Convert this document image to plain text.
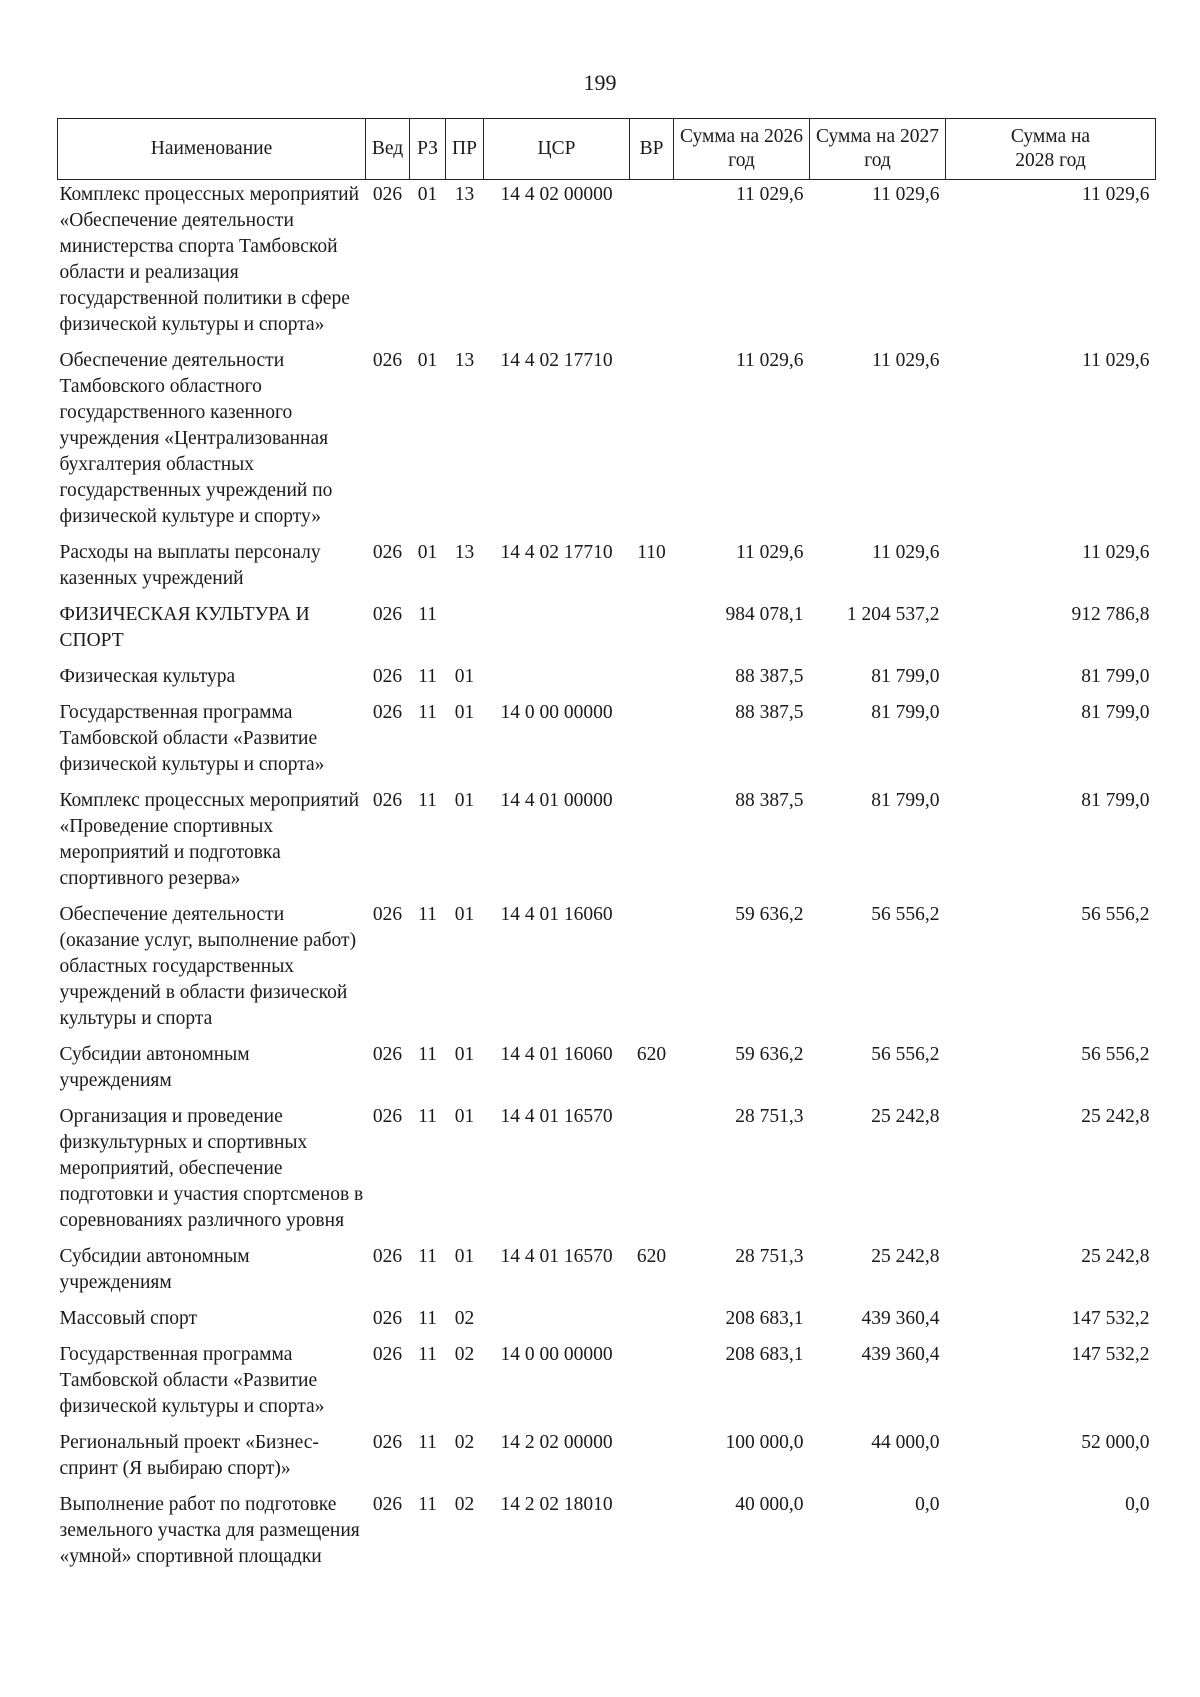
199
Наименование	Вед	РЗ	ПР	ЦСР	ВР	Сумма на 2026 год	Сумма на 2027 год	Сумма на 2028 год
Комплекс процессных мероприятий «Обеспечение деятельности министерства спорта Тамбовской области и реализация государственной политики в сфере физической культуры и спорта»	026	01	13	14 4 02 00000		11 029,6	11 029,6	11 029,6
Обеспечение деятельности Тамбовского областного государственного казенного учреждения «Централизованная бухгалтерия областных государственных учреждений по физической культуре и спорту»	026	01	13	14 4 02 17710		11 029,6	11 029,6	11 029,6
Расходы на выплаты персоналу казенных учреждений	026	01	13	14 4 02 17710	110	11 029,6	11 029,6	11 029,6
ФИЗИЧЕСКАЯ КУЛЬТУРА И СПОРТ	026	11				984 078,1	1 204 537,2	912 786,8
Физическая культура	026	11	01			88 387,5	81 799,0	81 799,0
Государственная программа Тамбовской области «Развитие физической культуры и спорта»	026	11	01	14 0 00 00000		88 387,5	81 799,0	81 799,0
Комплекс процессных мероприятий «Проведение спортивных мероприятий и подготовка спортивного резерва»	026	11	01	14 4 01 00000		88 387,5	81 799,0	81 799,0
Обеспечение деятельности (оказание услуг, выполнение работ) областных государственных учреждений в области физической культуры и спорта	026	11	01	14 4 01 16060		59 636,2	56 556,2	56 556,2
Субсидии автономным учреждениям	026	11	01	14 4 01 16060	620	59 636,2	56 556,2	56 556,2
Организация и проведение физкультурных и спортивных мероприятий, обеспечение подготовки и участия спортсменов в соревнованиях различного уровня	026	11	01	14 4 01 16570		28 751,3	25 242,8	25 242,8
Субсидии автономным учреждениям	026	11	01	14 4 01 16570	620	28 751,3	25 242,8	25 242,8
Массовый спорт	026	11	02			208 683,1	439 360,4	147 532,2
Государственная программа Тамбовской области «Развитие физической культуры и спорта»	026	11	02	14 0 00 00000		208 683,1	439 360,4	147 532,2
Региональный проект «Бизнес-спринт (Я выбираю спорт)»	026	11	02	14 2 02 00000		100 000,0	44 000,0	52 000,0
Выполнение работ по подготовке земельного участка для размещения «умной» спортивной площадки	026	11	02	14 2 02 18010		40 000,0	0,0	0,0
